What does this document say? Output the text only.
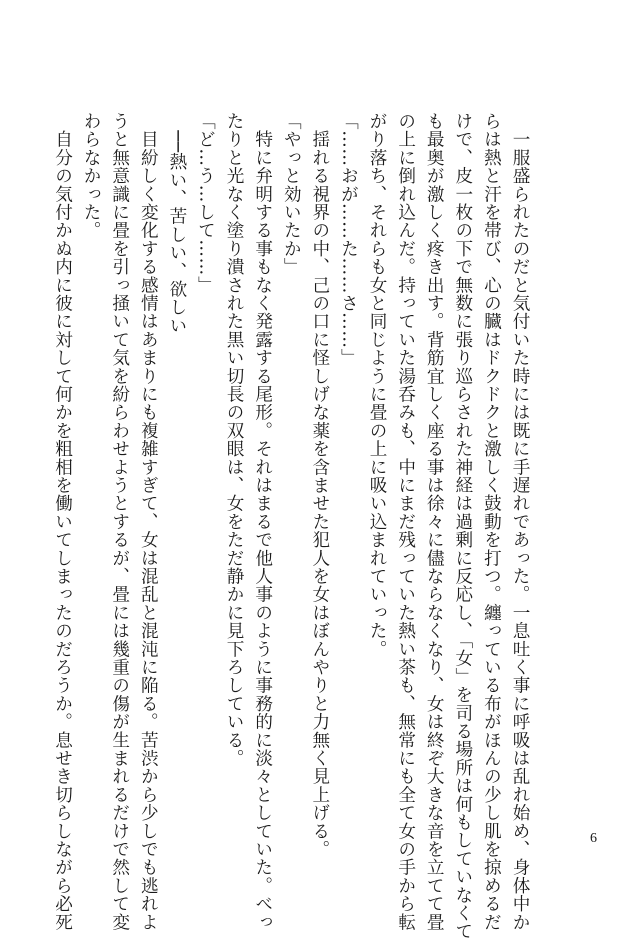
　一服盛られたのだと気付いた時には既に手遅れであった。一息吐く事に呼吸は乱れ始め、身体中か

らは熱と汗を帯び、心の臓はドクドクと激しく鼓動を打つ。纏っている布がほんの少し肌を掠めるだ

けで、皮一枚の下で無数に張り巡らされた神経は過剰に反応し、「女」を司る場所は何もしていなくて

も最奥が激しく疼き出す。背筋宜しく座る事は徐々に儘ならなくなり、女は終ぞ大きな音を立てて畳

の上に倒れ込んだ。持っていた湯呑みも、中にまだ残っていた熱い茶も、無常にも全て女の手から転

がり落ち、それらも女と同じように畳の上に吸い込まれていった。

「……おが……た……さ……」

　揺れる視界の中、己の口に怪しげな薬を含ませた犯人を女はぼんやりと力無く見上げる。

「やっと効いたか」

　特に弁明する事もなく発露する尾形。それはまるで他人事のように事務的に淡々としていた。べっ

たりと光なく塗り潰された黒い切長の双眼は、女をただ静かに見下ろしている。

「ど…う…して……」

　──熱い、苦しい、欲しい

　目紛しく変化する感情はあまりにも複雑すぎて、女は混乱と混沌に陥る。苦渋から少しでも逃れよ

うと無意識に畳を引っ掻いて気を紛らわせようとするが、畳には幾重の傷が生まれるだけで然して変

わらなかった。

　自分の気付かぬ内に彼に対して何かを粗相を働いてしまったのだろうか。息せき切らしながら必死	6
